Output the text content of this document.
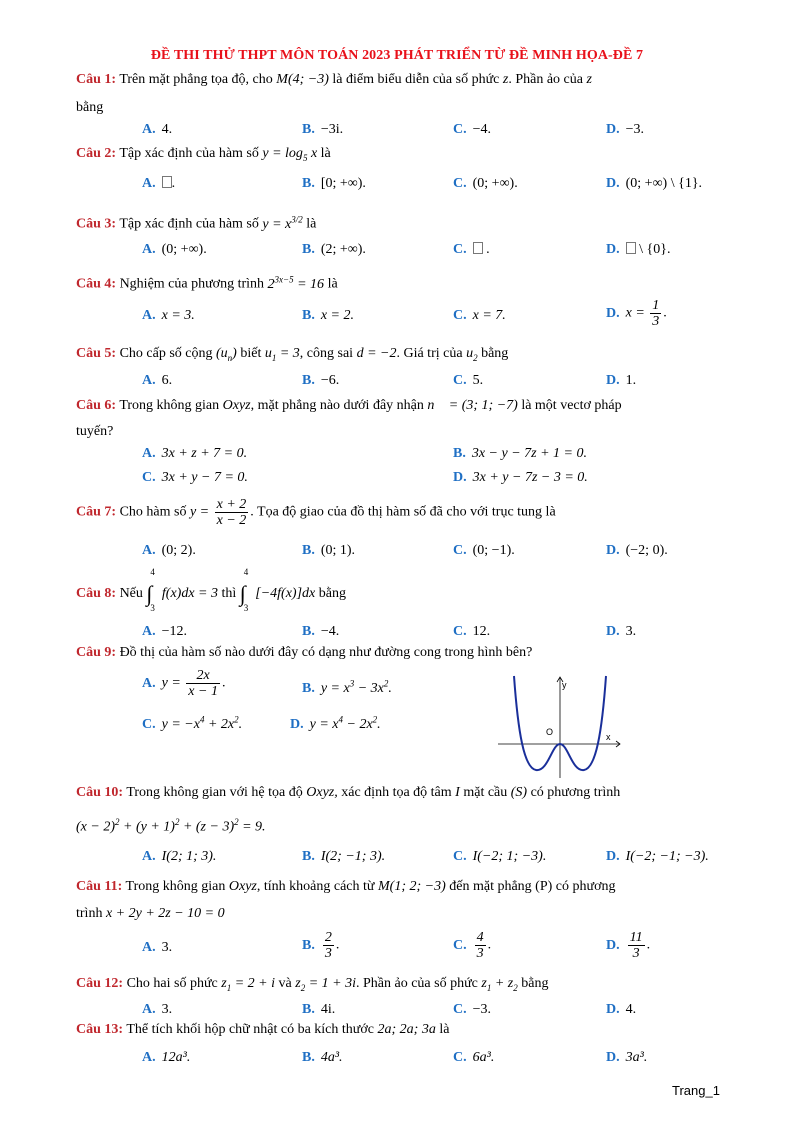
ĐỀ THI THỬ THPT MÔN TOÁN 2023 PHÁT TRIỂN TỪ ĐỀ MINH HỌA-ĐỀ 7
Câu 1: Trên mặt phẳng tọa độ, cho M(4; −3) là điểm biểu diễn của số phức z. Phần ảo của z
bằng
A. 4.	B. −3i.	C. −4.	D. −3.
Câu 2: Tập xác định của hàm số $y = \log_5 x$ là
A. .	B. [0; +∞).	C. (0; +∞).	D. (0; +∞) \ {1}.
Câu 3: Tập xác định của hàm số $y = x^{3/2}$ là
A. (0; +∞).	B. (2; +∞).	C. .	D. \ {0}.
Câu 4: Nghiệm của phương trình $2^{3x-5} = 16$ là
A. x = 3.	B. x = 2.	C. x = 7.	D. $x = \frac{1}{3}$ .
Câu 5: Cho cấp số cộng $(u_n)$ biết $u_1 = 3$, công sai d = −2. Giá trị của $u_2$ bằng
A. 6.	B. −6.	C. 5.	D. 1.
Câu 6: Trong không gian Oxyz, mặt phẳng nào dưới đây nhận n⃗ = (3; 1; −7) là một vectơ pháp
tuyến?
A. 3x + z + 7 = 0.	B. 3x − y − 7z + 1 = 0.
C. 3x + y − 7 = 0.	D. 3x + y − 7z − 3 = 0.
Câu 7: Cho hàm số $y = \frac{x + 2}{x - 2}$ . Tọa độ giao của đồ thị hàm số đã cho với trục tung là
A. (0; 2).	B. (0; 1).	C. (0; −1).	D. (−2; 0).
Câu 8: Nếu ∫
4
3
f(x)dx = 3 thì ∫
4
3
[−4f(x)]dx bằng
A. −12.	B. −4.	C. 12.	D. 3.
Câu 9: Đồ thị của hàm số nào dưới đây có dạng như đường cong trong hình bên?
A. $y = \frac{2x}{x - 1}$ .	B. $y = x^3 - 3x^2$.
C. $y = -x^4 + 2x^2$.	D. $y = x^4 - 2x^2$.
y
x
O
Câu 10: Trong không gian với hệ tọa độ Oxyz, xác định tọa độ tâm I mặt cầu (S) có phương trình
$(x - 2)^2 + (y + 1)^2 + (z - 3)^2 = 9$.
A. I(2; 1; 3).	B. I(2; −1; 3).	C. I(−2; 1; −3).	D. I(−2; −1; −3).
Câu 11: Trong không gian Oxyz, tính khoảng cách từ M(1; 2; −3) đến mặt phẳng (P) có phương
trình x + 2y + 2z − 10 = 0
A. 3.	B. $\frac{2}{3}$ .	C. $\frac{4}{3}$ .	D. $\frac{11}{3}$ .
Câu 12: Cho hai số phức $z_1 = 2 + i$ và $z_2 = 1 + 3i$. Phần ảo của số phức $z_1 + z_2$ bằng
A. 3.	B. 4i.	C. −3.	D. 4.
Câu 13: Thể tích khối hộp chữ nhật có ba kích thước 2a; 2a; 3a là
A. 12a³.	B. 4a³.	C. 6a³.	D. 3a³.
Trang_1
